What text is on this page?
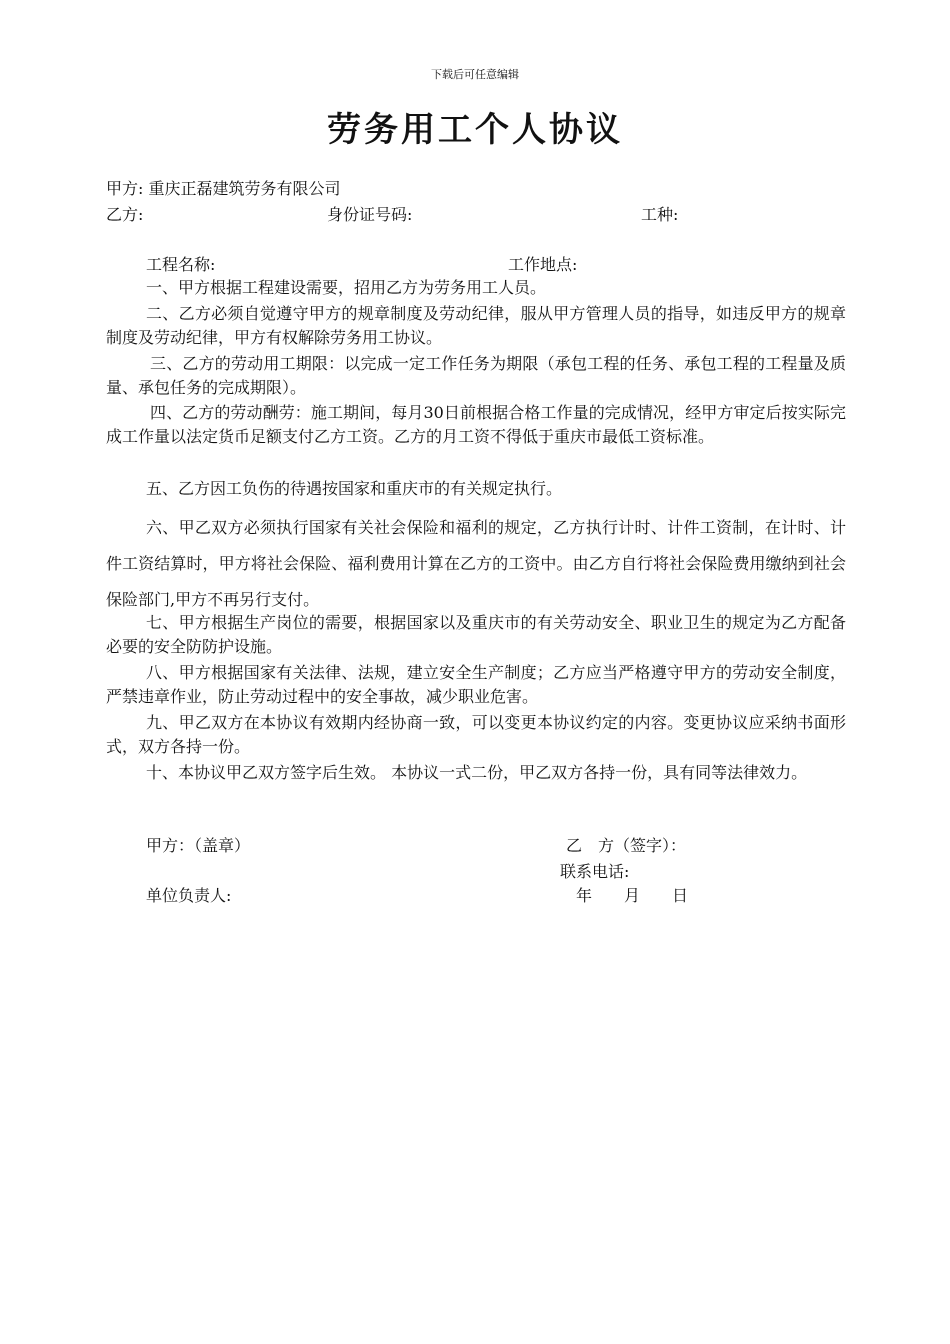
下载后可任意编辑
劳务用工个人协议
甲方: 重庆正磊建筑劳务有限公司
乙方:	身份证号码:	工种:
工程名称:	工作地点:
一、甲方根据工程建设需要，招用乙方为劳务用工人员。
二、乙方必须自觉遵守甲方的规章制度及劳动纪律，服从甲方管理人员的指导，如违反甲方的规章制度及劳动纪律，甲方有权解除劳务用工协议。
三、乙方的劳动用工期限：以完成一定工作任务为期限（承包工程的任务、承包工程的工程量及质量、承包任务的完成期限）。
四、乙方的劳动酬劳：施工期间，每月30日前根据合格工作量的完成情况，经甲方审定后按实际完成工作量以法定货币足额支付乙方工资。乙方的月工资不得低于重庆市最低工资标准。
五、乙方因工负伤的待遇按国家和重庆市的有关规定执行。
六、甲乙双方必须执行国家有关社会保险和福利的规定，乙方执行计时、计件工资制，在计时、计件工资结算时，甲方将社会保险、福利费用计算在乙方的工资中。由乙方自行将社会保险费用缴纳到社会保险部门,甲方不再另行支付。
七、甲方根据生产岗位的需要，根据国家以及重庆市的有关劳动安全、职业卫生的规定为乙方配备必要的安全防防护设施。
八、甲方根据国家有关法律、法规，建立安全生产制度；乙方应当严格遵守甲方的劳动安全制度，严禁违章作业，防止劳动过程中的安全事故，减少职业危害。
九、甲乙双方在本协议有效期内经协商一致，可以变更本协议约定的内容。变更协议应采纳书面形式，双方各持一份。
十、本协议甲乙双方签字后生效。 本协议一式二份，甲乙双方各持一份，具有同等法律效力。
甲方：（盖章）	乙　方（签字）：
联系电话:
单位负责人:	年　　月　　日
